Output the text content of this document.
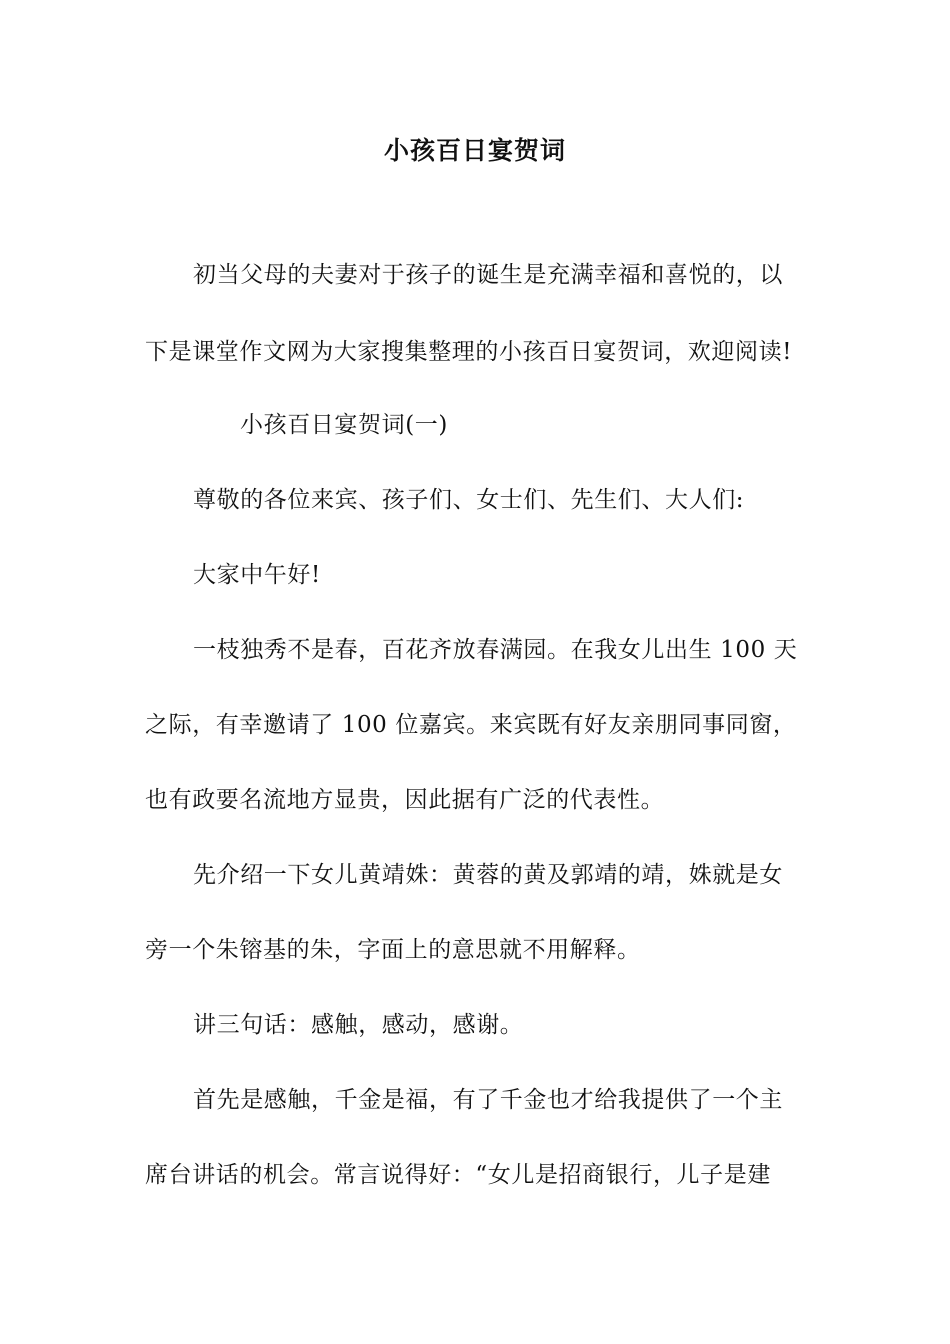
小孩百日宴贺词
初当父母的夫妻对于孩子的诞生是充满幸福和喜悦的，以
下是课堂作文网为大家搜集整理的小孩百日宴贺词，欢迎阅读!
小孩百日宴贺词(一)
尊敬的各位来宾、孩子们、女士们、先生们、大人们:
大家中午好!
一枝独秀不是春，百花齐放春满园。在我女儿出生 100 天
之际，有幸邀请了 100 位嘉宾。来宾既有好友亲朋同事同窗，
也有政要名流地方显贵，因此据有广泛的代表性。
先介绍一下女儿黄靖姝：黄蓉的黄及郭靖的靖，姝就是女
旁一个朱镕基的朱，字面上的意思就不用解释。
讲三句话：感触，感动，感谢。
首先是感触，千金是福，有了千金也才给我提供了一个主
席台讲话的机会。常言说得好：“女儿是招商银行，儿子是建
